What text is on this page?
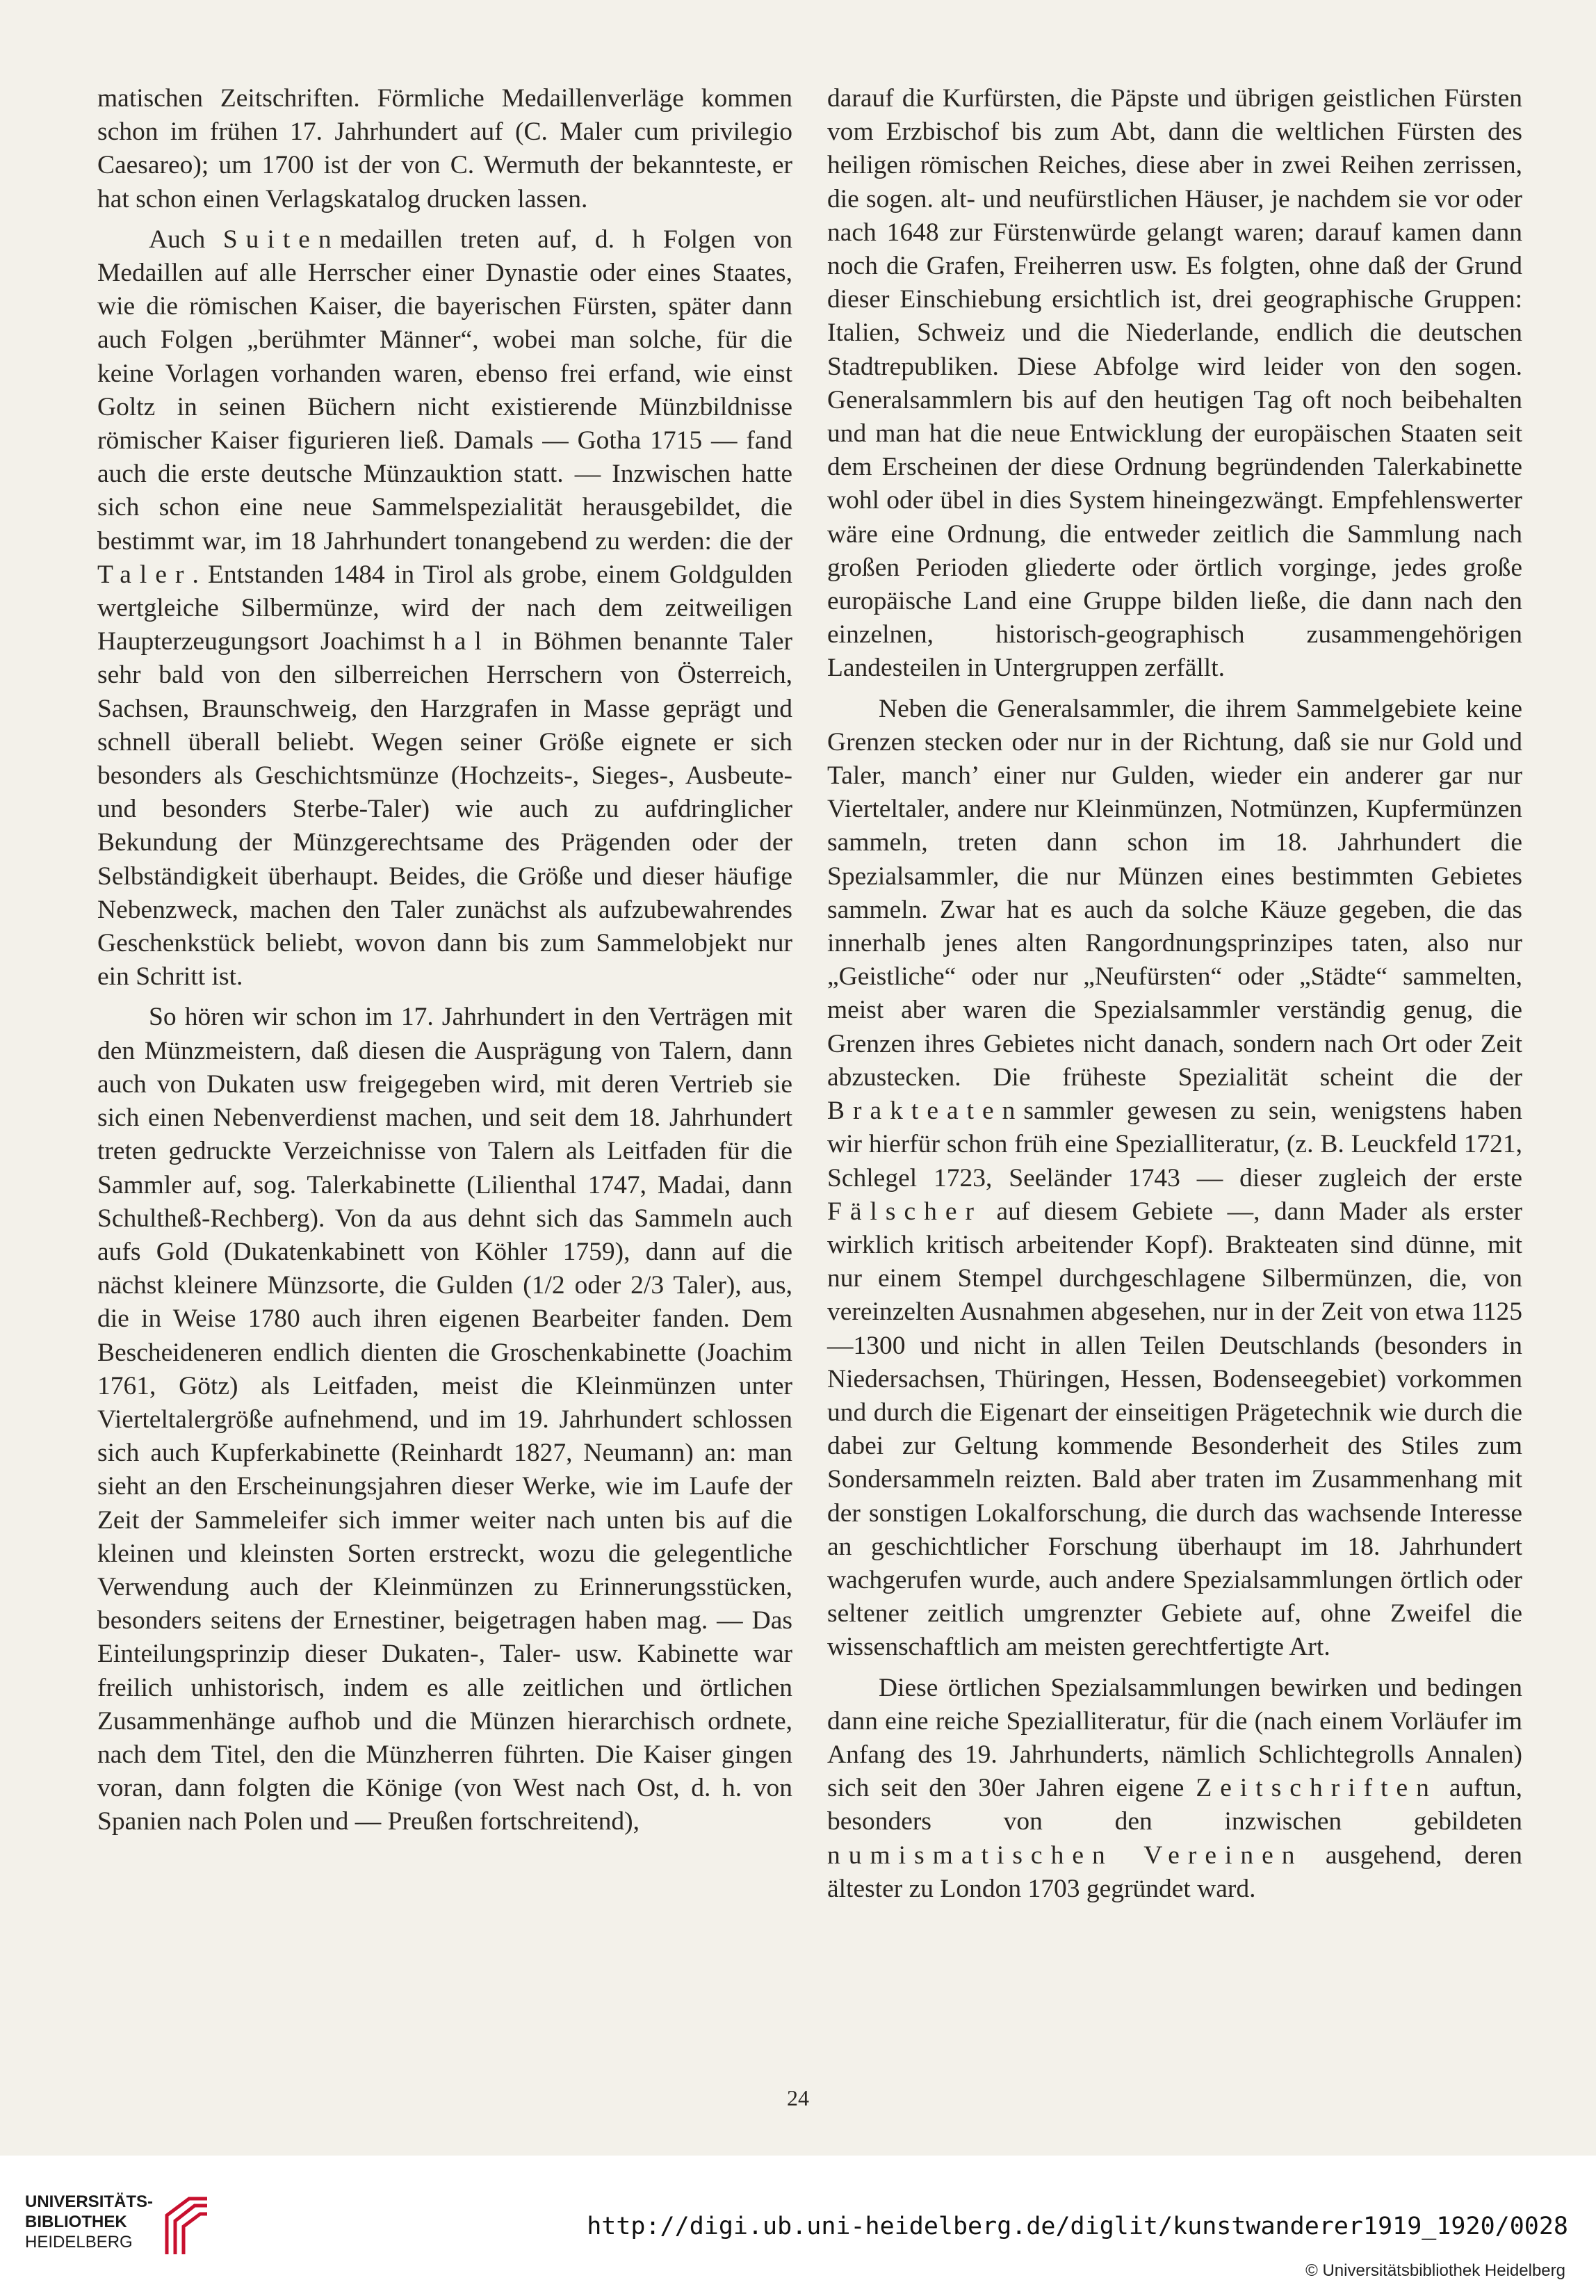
matischen Zeitschriften. Förmliche Medaillenverläge kommen schon im frühen 17. Jahrhundert auf (C. Maler cum privilegio Caesareo); um 1700 ist der von C. Wermuth der bekannteste, er hat schon einen Verlagskatalog drucken lassen.

Auch Suitenmedaillen treten auf, d. h Folgen von Medaillen auf alle Herrscher einer Dynastie oder eines Staates, wie die römischen Kaiser, die bayerischen Fürsten, später dann auch Folgen „berühmter Männer“, wobei man solche, für die keine Vorlagen vorhanden waren, ebenso frei erfand, wie einst Goltz in seinen Büchern nicht existierende Münzbildnisse römischer Kaiser figurieren ließ. Damals — Gotha 1715 — fand auch die erste deutsche Münzauktion statt. — Inzwischen hatte sich schon eine neue Sammelspezialität herausgebildet, die bestimmt war, im 18 Jahrhundert tonangebend zu werden: die der Taler. Entstanden 1484 in Tirol als grobe, einem Goldgulden wertgleiche Silbermünze, wird der nach dem zeitweiligen Haupterzeugungsort Joachimsthal in Böhmen benannte Taler sehr bald von den silberreichen Herrschern von Österreich, Sachsen, Braunschweig, den Harzgrafen in Masse geprägt und schnell überall beliebt. Wegen seiner Größe eignete er sich besonders als Geschichtsmünze (Hochzeits-, Sieges-, Ausbeute- und besonders Sterbe-Taler) wie auch zu aufdringlicher Bekundung der Münzgerechtsame des Prägenden oder der Selbständigkeit überhaupt. Beides, die Größe und dieser häufige Nebenzweck, machen den Taler zunächst als aufzubewahrendes Geschenkstück beliebt, wovon dann bis zum Sammelobjekt nur ein Schritt ist.

So hören wir schon im 17. Jahrhundert in den Verträgen mit den Münzmeistern, daß diesen die Ausprägung von Talern, dann auch von Dukaten usw freigegeben wird, mit deren Vertrieb sie sich einen Nebenverdienst machen, und seit dem 18. Jahrhundert treten gedruckte Verzeichnisse von Talern als Leitfaden für die Sammler auf, sog. Talerkabinette (Lilienthal 1747, Madai, dann Schultheß-Rechberg). Von da aus dehnt sich das Sammeln auch aufs Gold (Dukatenkabinett von Köhler 1759), dann auf die nächst kleinere Münzsorte, die Gulden (1/2 oder 2/3 Taler), aus, die in Weise 1780 auch ihren eigenen Bearbeiter fanden. Dem Bescheideneren endlich dienten die Groschenkabinette (Joachim 1761, Götz) als Leitfaden, meist die Kleinmünzen unter Vierteltalergröße aufnehmend, und im 19. Jahrhundert schlossen sich auch Kupferkabinette (Reinhardt 1827, Neumann) an: man sieht an den Erscheinungsjahren dieser Werke, wie im Laufe der Zeit der Sammeleifer sich immer weiter nach unten bis auf die kleinen und kleinsten Sorten erstreckt, wozu die gelegentliche Verwendung auch der Kleinmünzen zu Erinnerungsstücken, besonders seitens der Ernestiner, beigetragen haben mag. — Das Einteilungsprinzip dieser Dukaten-, Taler- usw. Kabinette war freilich unhistorisch, indem es alle zeitlichen und örtlichen Zusammenhänge aufhob und die Münzen hierarchisch ordnete, nach dem Titel, den die Münzherren führten. Die Kaiser gingen voran, dann folgten die Könige (von West nach Ost, d. h. von Spanien nach Polen und — Preußen fortschreitend),

darauf die Kurfürsten, die Päpste und übrigen geistlichen Fürsten vom Erzbischof bis zum Abt, dann die weltlichen Fürsten des heiligen römischen Reiches, diese aber in zwei Reihen zerrissen, die sogen. alt- und neufürstlichen Häuser, je nachdem sie vor oder nach 1648 zur Fürstenwürde gelangt waren; darauf kamen dann noch die Grafen, Freiherren usw. Es folgten, ohne daß der Grund dieser Einschiebung ersichtlich ist, drei geographische Gruppen: Italien, Schweiz und die Niederlande, endlich die deutschen Stadtrepubliken. Diese Abfolge wird leider von den sogen. Generalsammlern bis auf den heutigen Tag oft noch beibehalten und man hat die neue Entwicklung der europäischen Staaten seit dem Erscheinen der diese Ordnung begründenden Talerkabinette wohl oder übel in dies System hineingezwängt. Empfehlenswerter wäre eine Ordnung, die entweder zeitlich die Sammlung nach großen Perioden gliederte oder örtlich vorginge, jedes große europäische Land eine Gruppe bilden ließe, die dann nach den einzelnen, historisch-geographisch zusammengehörigen Landesteilen in Untergruppen zerfällt.

Neben die Generalsammler, die ihrem Sammelgebiete keine Grenzen stecken oder nur in der Richtung, daß sie nur Gold und Taler, manch’ einer nur Gulden, wieder ein anderer gar nur Vierteltaler, andere nur Kleinmünzen, Notmünzen, Kupfermünzen sammeln, treten dann schon im 18. Jahrhundert die Spezialsammler, die nur Münzen eines bestimmten Gebietes sammeln. Zwar hat es auch da solche Käuze gegeben, die das innerhalb jenes alten Rangordnungsprinzipes taten, also nur „Geistliche“ oder nur „Neufürsten“ oder „Städte“ sammelten, meist aber waren die Spezialsammler verständig genug, die Grenzen ihres Gebietes nicht danach, sondern nach Ort oder Zeit abzustecken. Die früheste Spezialität scheint die der Brakteatensammler gewesen zu sein, wenigstens haben wir hierfür schon früh eine Spezialliteratur, (z. B. Leuckfeld 1721, Schlegel 1723, Seeländer 1743 — dieser zugleich der erste Fälscher auf diesem Gebiete —, dann Mader als erster wirklich kritisch arbeitender Kopf). Brakteaten sind dünne, mit nur einem Stempel durchgeschlagene Silbermünzen, die, von vereinzelten Ausnahmen abgesehen, nur in der Zeit von etwa 1125—1300 und nicht in allen Teilen Deutschlands (besonders in Niedersachsen, Thüringen, Hessen, Bodenseegebiet) vorkommen und durch die Eigenart der einseitigen Prägetechnik wie durch die dabei zur Geltung kommende Besonderheit des Stiles zum Sondersammeln reizten. Bald aber traten im Zusammenhang mit der sonstigen Lokalforschung, die durch das wachsende Interesse an geschichtlicher Forschung überhaupt im 18. Jahrhundert wachgerufen wurde, auch andere Spezialsammlungen örtlich oder seltener zeitlich umgrenzter Gebiete auf, ohne Zweifel die wissenschaftlich am meisten gerechtfertigte Art.

Diese örtlichen Spezialsammlungen bewirken und bedingen dann eine reiche Spezialliteratur, für die (nach einem Vorläufer im Anfang des 19. Jahrhunderts, nämlich Schlichtegrolls Annalen) sich seit den 30er Jahren eigene Zeitschriften auftun, besonders von den inzwischen gebildeten numismatischen Vereinen ausgehend, deren ältester zu London 1703 gegründet ward.

24
UNIVERSITÄTS-
BIBLIOTHEK
HEIDELBERG
http://digi.ub.uni-heidelberg.de/diglit/kunstwanderer1919_1920/0028
© Universitätsbibliothek Heidelberg
